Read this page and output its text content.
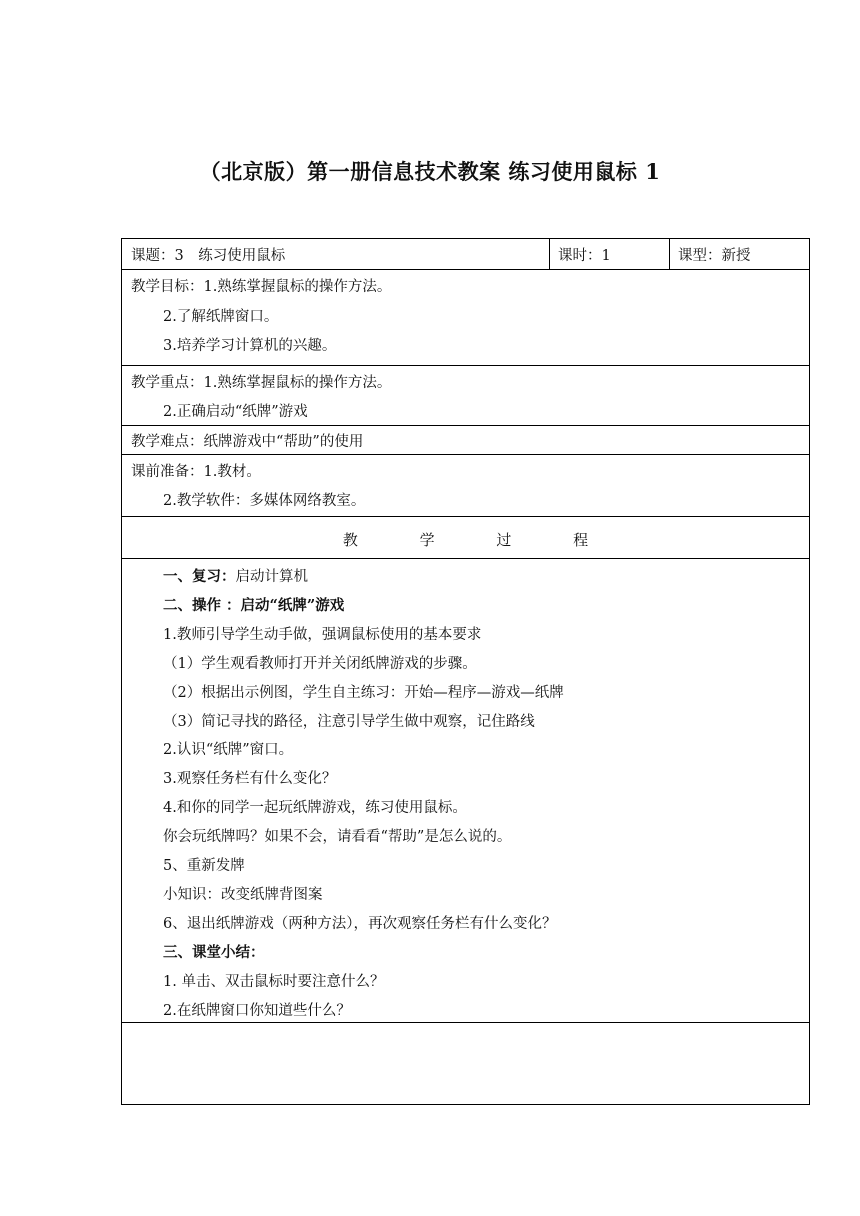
（北京版）第一册信息技术教案 练习使用鼠标 1
课题：3　练习使用鼠标	课时：1	课型：新授
教学目标：1.熟练掌握鼠标的操作方法。
2.了解纸牌窗口。
3.培养学习计算机的兴趣。
教学重点：1.熟练掌握鼠标的操作方法。
2.正确启动“纸牌”游戏
教学难点：纸牌游戏中“帮助”的使用
课前准备：1.教材。
2.教学软件：多媒体网络教室。
教	学	过	程
一、复习：启动计算机
二、操作 ：启动“纸牌”游戏
1.教师引导学生动手做，强调鼠标使用的基本要求
（1）学生观看教师打开并关闭纸牌游戏的步骤。
（2）根据出示例图，学生自主练习：开始—程序—游戏—纸牌
（3）简记寻找的路径，注意引导学生做中观察，记住路线
2.认识“纸牌”窗口。
3.观察任务栏有什么变化？
4.和你的同学一起玩纸牌游戏，练习使用鼠标。
你会玩纸牌吗？如果不会，请看看“帮助”是怎么说的。
5、重新发牌
小知识：改变纸牌背图案
6、退出纸牌游戏（两种方法），再次观察任务栏有什么变化？
三、课堂小结：
1. 单击、双击鼠标时要注意什么？
2.在纸牌窗口你知道些什么？
